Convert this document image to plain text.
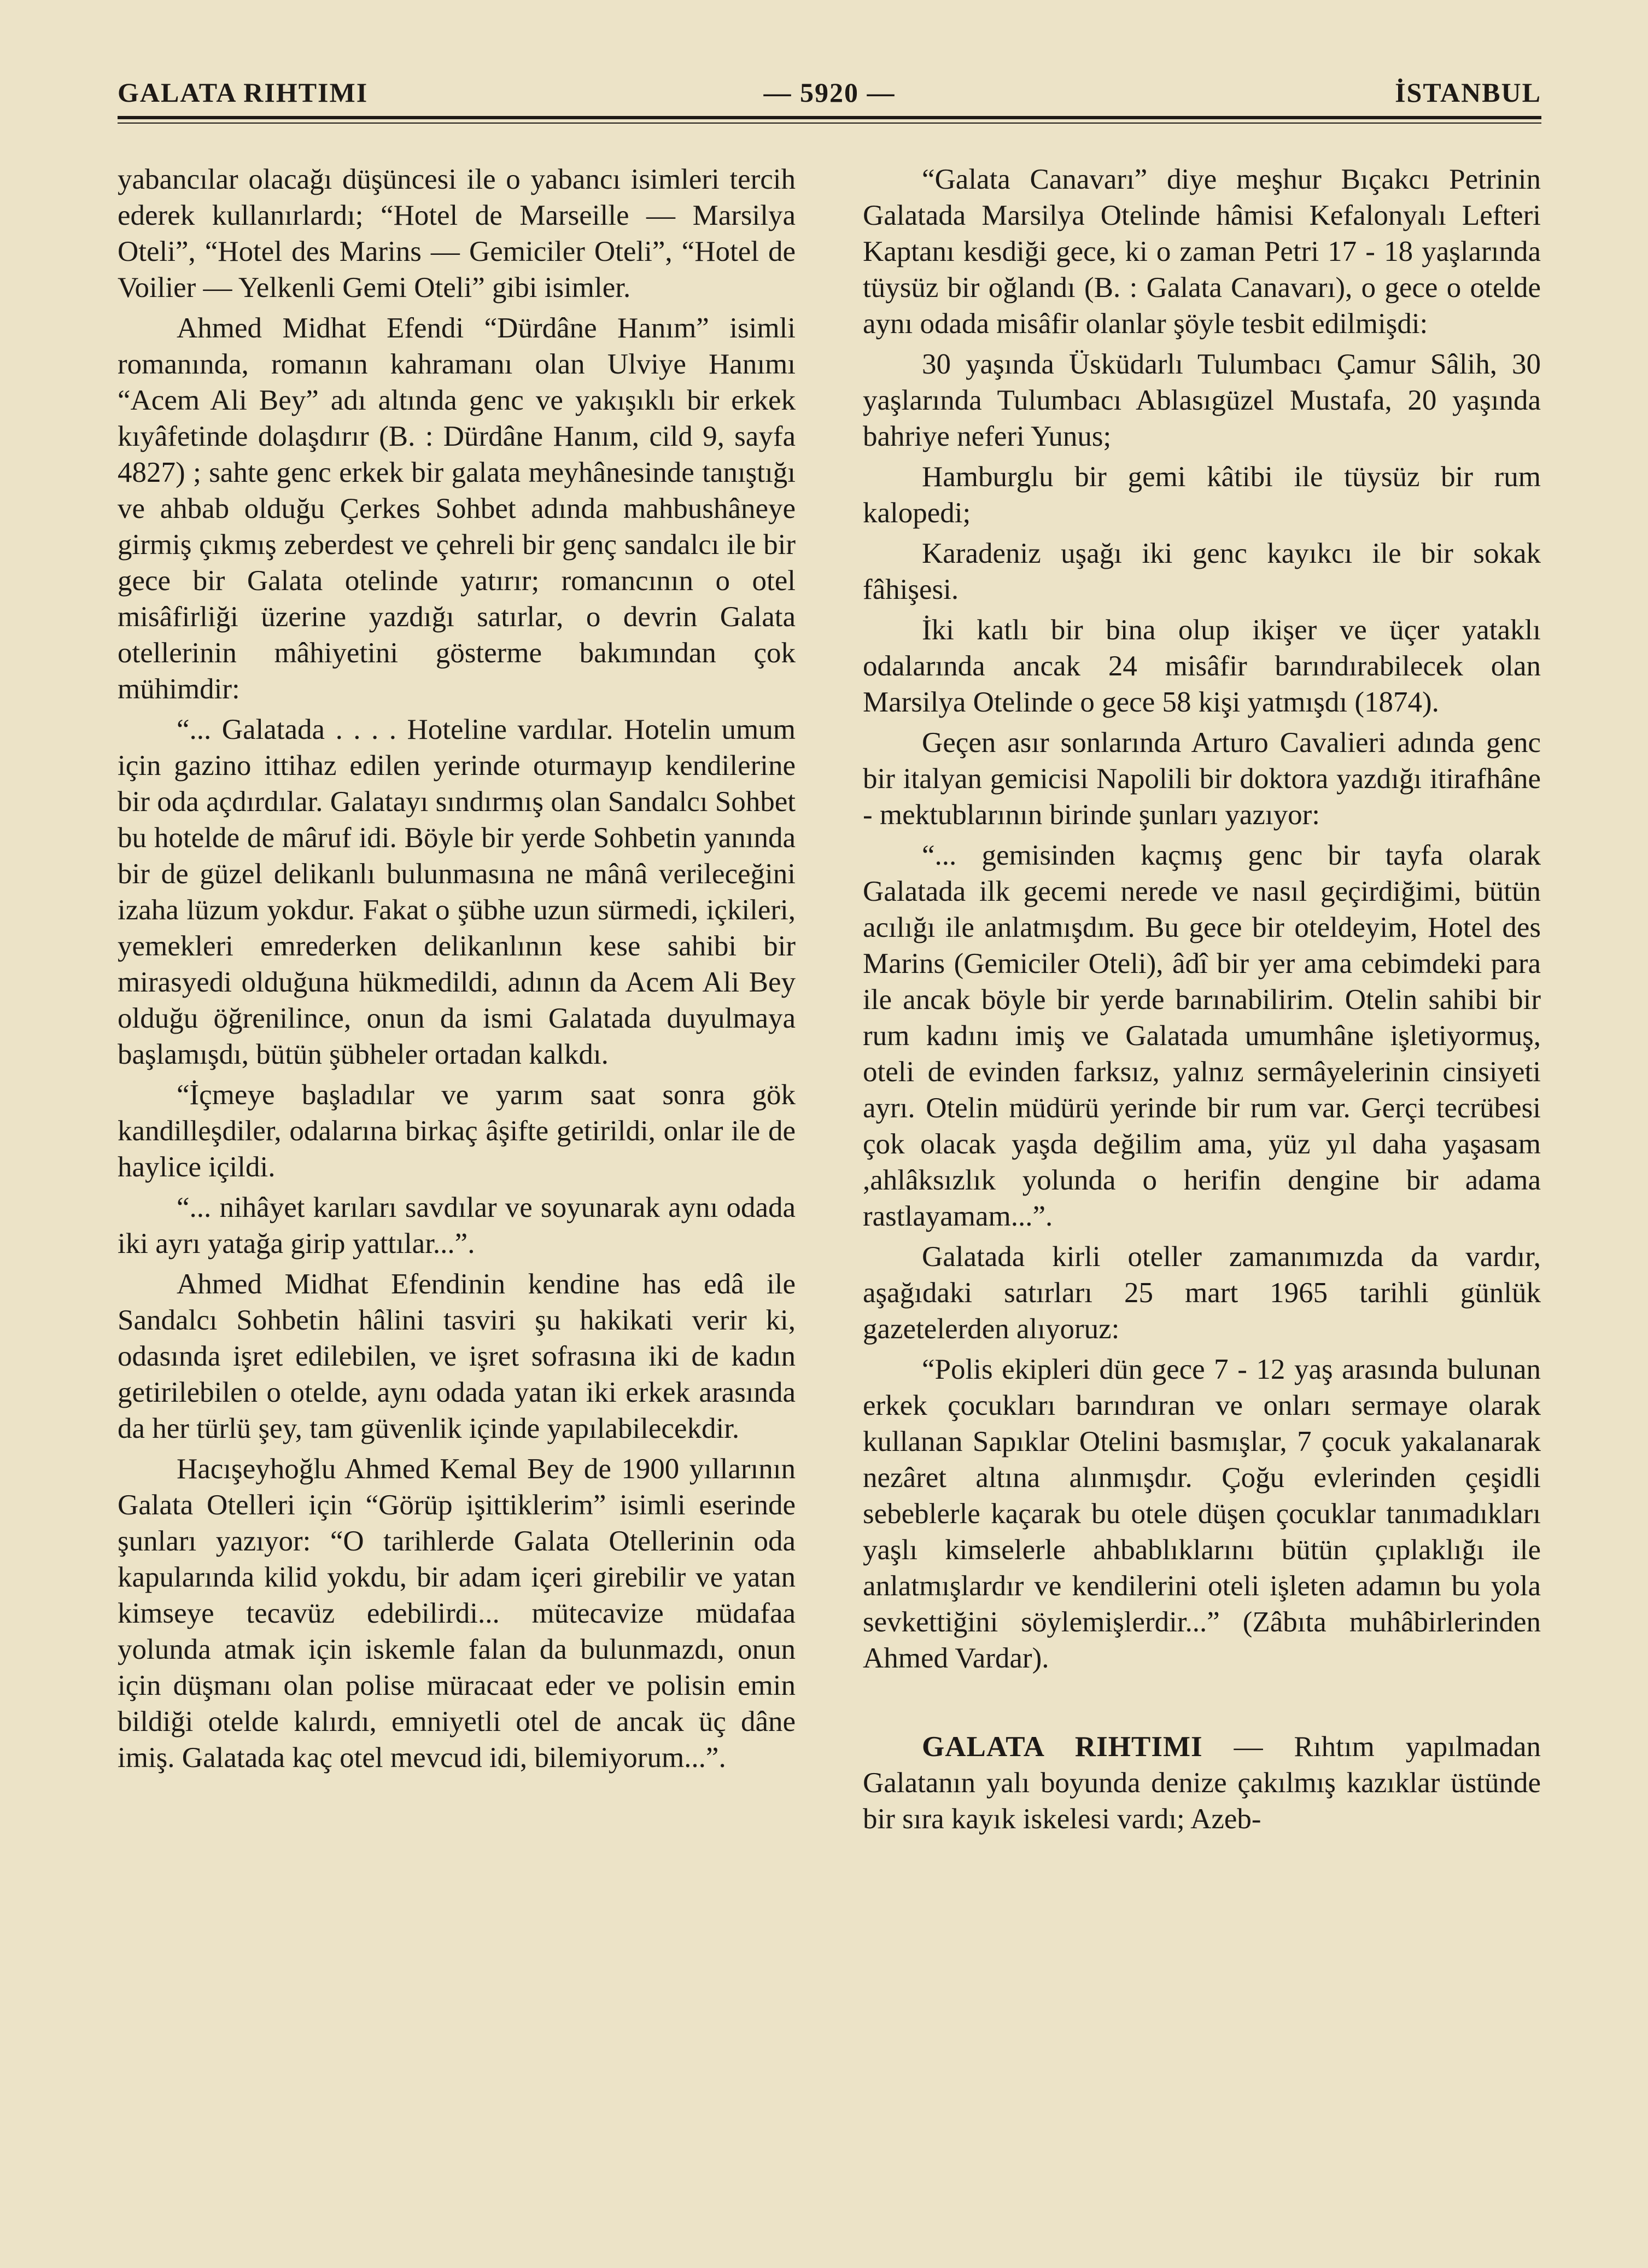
GALATA RIHTIMI	— 5920 —	İSTANBUL

yabancılar olacağı düşüncesi ile o yabancı isimleri tercih ederek kullanırlardı; “Hotel de Marseille — Marsilya Oteli”, “Hotel des Marins — Gemiciler Oteli”, “Hotel de Voilier — Yelkenli Gemi Oteli” gibi isimler.

Ahmed Midhat Efendi “Dürdâne Hanım” isimli romanında, romanın kahramanı olan Ulviye Hanımı “Acem Ali Bey” adı altında genc ve yakışıklı bir erkek kıyâfetinde dolaşdırır (B. : Dürdâne Hanım, cild 9, sayfa 4827) ; sahte genc erkek bir galata meyhânesinde tanıştığı ve ahbab olduğu Çerkes Sohbet adında mahbushâneye girmiş çıkmış zeberdest ve çehreli bir genç sandalcı ile bir gece bir Galata otelinde yatırır; romancının o otel misâfirliği üzerine yazdığı satırlar, o devrin Galata otellerinin mâhiyetini gösterme bakımından çok mühimdir:

“... Galatada . . . . Hoteline vardılar. Hotelin umum için gazino ittihaz edilen yerinde oturmayıp kendilerine bir oda açdırdılar. Galatayı sındırmış olan Sandalcı Sohbet bu hotelde de mâruf idi. Böyle bir yerde Sohbetin yanında bir de güzel delikanlı bulunmasına ne mânâ verileceğini izaha lüzum yokdur. Fakat o şübhe uzun sürmedi, içkileri, yemekleri emrederken delikanlının kese sahibi bir mirasyedi olduğuna hükmedildi, adının da Acem Ali Bey olduğu öğrenilince, onun da ismi Galatada duyulmaya başlamışdı, bütün şübheler ortadan kalkdı.

“İçmeye başladılar ve yarım saat sonra gök kandilleşdiler, odalarına birkaç âşifte getirildi, onlar ile de haylice içildi.

“... nihâyet karıları savdılar ve soyunarak aynı odada iki ayrı yatağa girip yattılar...”.

Ahmed Midhat Efendinin kendine has edâ ile Sandalcı Sohbetin hâlini tasviri şu hakikati verir ki, odasında işret edilebilen, ve işret sofrasına iki de kadın getirilebilen o otelde, aynı odada yatan iki erkek arasında da her türlü şey, tam güvenlik içinde yapılabilecekdir.

Hacışeyhoğlu Ahmed Kemal Bey de 1900 yıllarının Galata Otelleri için “Görüp işittiklerim” isimli eserinde şunları yazıyor: “O tarihlerde Galata Otellerinin oda kapularında kilid yokdu, bir adam içeri girebilir ve yatan kimseye tecavüz edebilirdi... mütecavize müdafaa yolunda atmak için iskemle falan da bulunmazdı, onun için düşmanı olan polise müracaat eder ve polisin emin bildiği otelde kalırdı, emniyetli otel de ancak üç dâne imiş. Galatada kaç otel mevcud idi, bilemiyorum...”.

“Galata Canavarı” diye meşhur Bıçakcı Petrinin Galatada Marsilya Otelinde hâmisi Kefalonyalı Lefteri Kaptanı kesdiği gece, ki o zaman Petri 17 - 18 yaşlarında tüysüz bir oğlandı (B. : Galata Canavarı), o gece o otelde aynı odada misâfir olanlar şöyle tesbit edilmişdi:

30 yaşında Üsküdarlı Tulumbacı Çamur Sâlih, 30 yaşlarında Tulumbacı Ablasıgüzel Mustafa, 20 yaşında bahriye neferi Yunus;

Hamburglu bir gemi kâtibi ile tüysüz bir rum kalopedi;

Karadeniz uşağı iki genc kayıkcı ile bir sokak fâhişesi.

İki katlı bir bina olup ikişer ve üçer yataklı odalarında ancak 24 misâfir barındırabilecek olan Marsilya Otelinde o gece 58 kişi yatmışdı (1874).

Geçen asır sonlarında Arturo Cavalieri adında genc bir italyan gemicisi Napolili bir doktora yazdığı itirafhâne - mektublarının birinde şunları yazıyor:

“... gemisinden kaçmış genc bir tayfa olarak Galatada ilk gecemi nerede ve nasıl geçirdiğimi, bütün acılığı ile anlatmışdım. Bu gece bir oteldeyim, Hotel des Marins (Gemiciler Oteli), âdî bir yer ama cebimdeki para ile ancak böyle bir yerde barınabilirim. Otelin sahibi bir rum kadını imiş ve Galatada umumhâne işletiyormuş, oteli de evinden farksız, yalnız sermâyelerinin cinsiyeti ayrı. Otelin müdürü yerinde bir rum var. Gerçi tecrübesi çok olacak yaşda değilim ama, yüz yıl daha yaşasam ,ahlâksızlık yolunda o herifin dengine bir adama rastlayamam...”.

Galatada kirli oteller zamanımızda da vardır, aşağıdaki satırları 25 mart 1965 tarihli günlük gazetelerden alıyoruz:

“Polis ekipleri dün gece 7 - 12 yaş arasında bulunan erkek çocukları barındıran ve onları sermaye olarak kullanan Sapıklar Otelini basmışlar, 7 çocuk yakalanarak nezâret altına alınmışdır. Çoğu evlerinden çeşidli sebeblerle kaçarak bu otele düşen çocuklar tanımadıkları yaşlı kimselerle ahbablıklarını bütün çıplaklığı ile anlatmışlardır ve kendilerini oteli işleten adamın bu yola sevkettiğini söylemişlerdir...” (Zâbıta muhâbirlerinden Ahmed Vardar).

GALATA RIHTIMI — Rıhtım yapılmadan Galatanın yalı boyunda denize çakılmış kazıklar üstünde bir sıra kayık iskelesi vardı; Azeb-
